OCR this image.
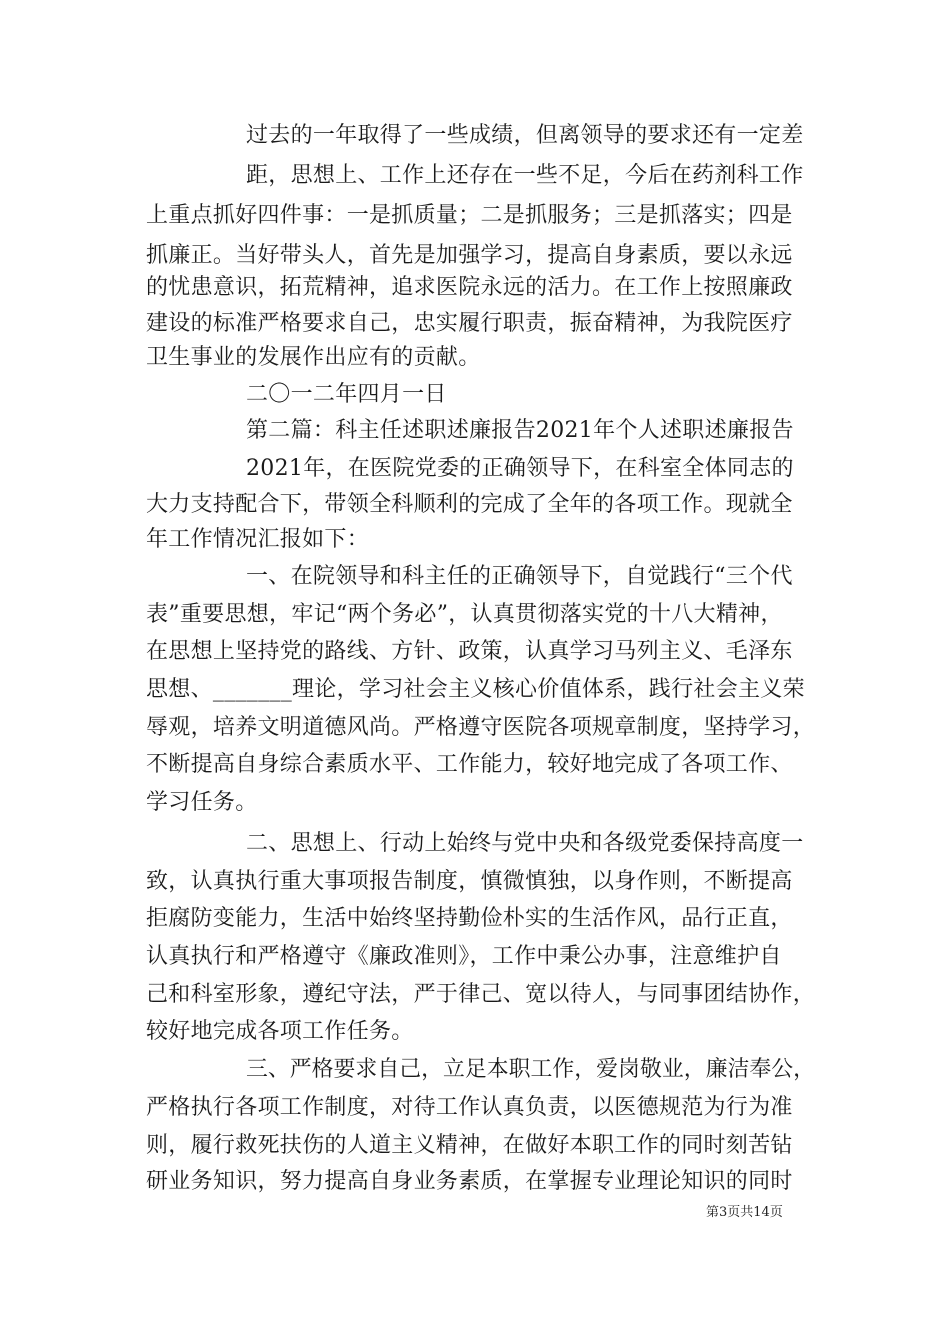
过去的一年取得了一些成绩，但离领导的要求还有一定差
距，思想上、工作上还存在一些不足，今后在药剂科工作
上重点抓好四件事：一是抓质量；二是抓服务；三是抓落实；四是
抓廉正。当好带头人，首先是加强学习，提高自身素质，要以永远
的忧患意识，拓荒精神，追求医院永远的活力。在工作上按照廉政
建设的标准严格要求自己，忠实履行职责，振奋精神，为我院医疗
卫生事业的发展作出应有的贡献。
二〇一二年四月一日
第二篇：科主任述职述廉报告2021年个人述职述廉报告
2021年，在医院党委的正确领导下，在科室全体同志的
大力支持配合下，带领全科顺利的完成了全年的各项工作。现就全
年工作情况汇报如下：
一、在院领导和科主任的正确领导下，自觉践行“三个代
表”重要思想，牢记“两个务必”，认真贯彻落实党的十八大精神，
在思想上坚持党的路线、方针、政策，认真学习马列主义、毛泽东
思想、_______理论，学习社会主义核心价值体系，践行社会主义荣
辱观，培养文明道德风尚。严格遵守医院各项规章制度，坚持学习，
不断提高自身综合素质水平、工作能力，较好地完成了各项工作、
学习任务。
二、思想上、行动上始终与党中央和各级党委保持高度一
致，认真执行重大事项报告制度，慎微慎独，以身作则，不断提高
拒腐防变能力，生活中始终坚持勤俭朴实的生活作风，品行正直，
认真执行和严格遵守《廉政准则》，工作中秉公办事，注意维护自
己和科室形象，遵纪守法，严于律己、宽以待人，与同事团结协作，
较好地完成各项工作任务。
三、严格要求自己，立足本职工作，爱岗敬业，廉洁奉公，
严格执行各项工作制度，对待工作认真负责，以医德规范为行为准
则，履行救死扶伤的人道主义精神，在做好本职工作的同时刻苦钻
研业务知识，努力提高自身业务素质，在掌握专业理论知识的同时
第3页共14页
